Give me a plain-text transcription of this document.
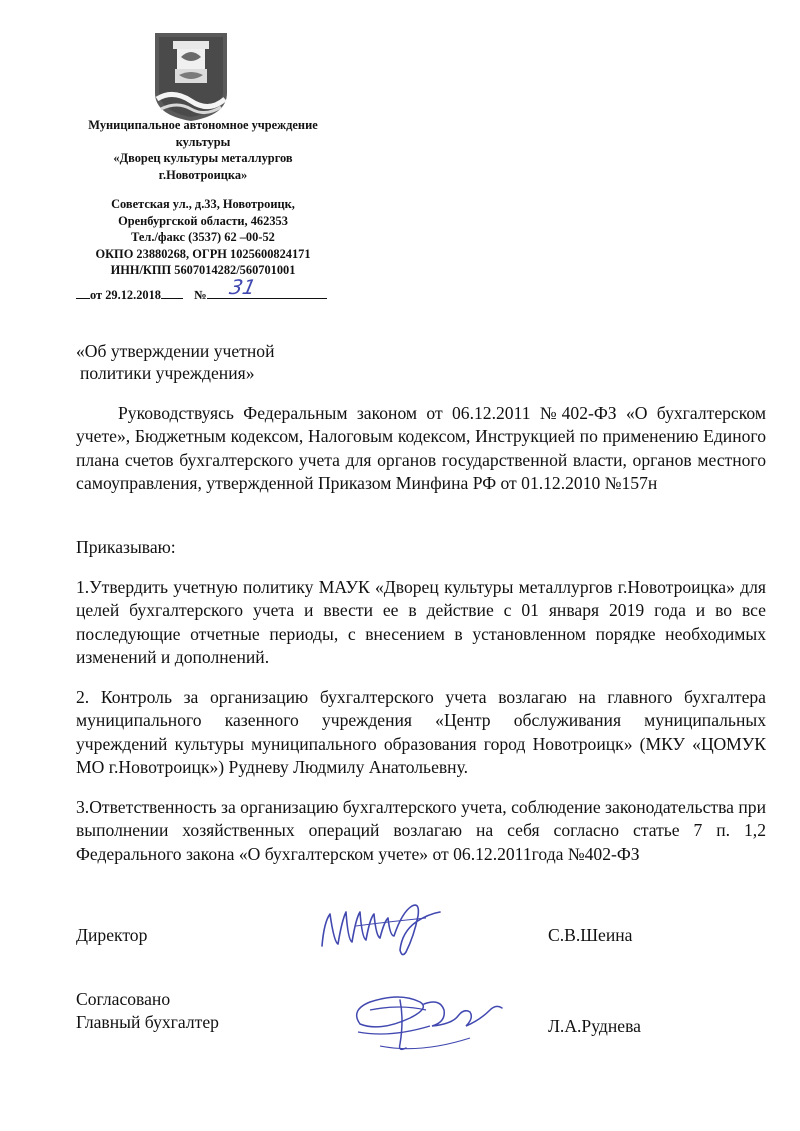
Муниципальное автономное учреждение
культуры
«Дворец культуры металлургов
г.Новотроицка»
Советская ул., д.33, Новотроицк,
Оренбургской области, 462353
Тел./факс (3537) 62 –00-52
ОКПО 23880268, ОГРН 1025600824171
ИНН/КПП 5607014282/560701001
от 29.12.2018	№	31
«Об утверждении учетной
политики учреждения»
Руководствуясь Федеральным законом от 06.12.2011 №402-ФЗ «О бухгалтерском учете», Бюджетным кодексом, Налоговым кодексом, Инструкцией по применению Единого плана счетов бухгалтерского учета для органов государственной власти, органов местного самоуправления, утвержденной Приказом Минфина РФ от 01.12.2010 №157н
Приказываю:
1.Утвердить учетную политику МАУК «Дворец культуры металлургов г.Новотроицка» для целей бухгалтерского учета и ввести ее в действие с 01 января 2019 года и во все последующие отчетные периоды, с внесением в установленном порядке необходимых изменений и дополнений.
2. Контроль за организацию бухгалтерского учета возлагаю на главного бухгалтера муниципального казенного учреждения «Центр обслуживания муниципальных учреждений культуры муниципального образования город Новотроицк» (МКУ «ЦОМУК МО г.Новотроицк») Рудневу Людмилу Анатольевну.
3.Ответственность за организацию бухгалтерского учета, соблюдение законодательства при выполнении хозяйственных операций возлагаю на себя согласно статье 7 п. 1,2 Федерального закона «О бухгалтерском учете» от 06.12.2011года №402-ФЗ
Директор	С.В.Шеина
Согласовано
Главный бухгалтер	Л.А.Руднева
